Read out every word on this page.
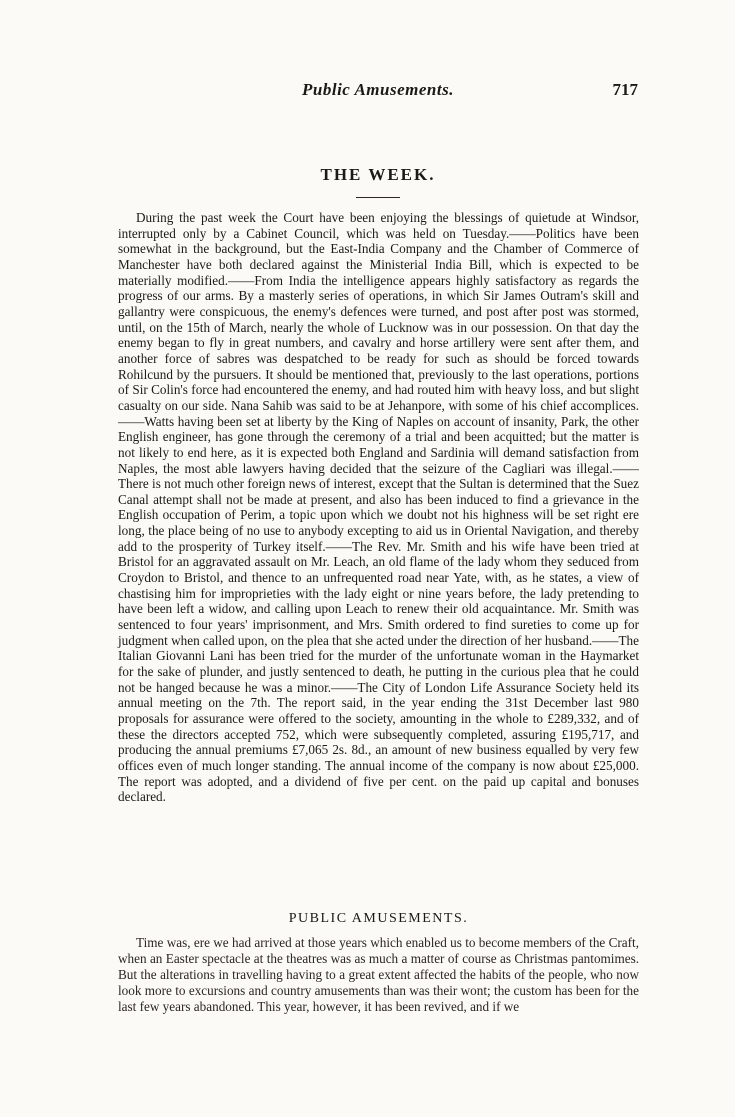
Public Amusements.	717
THE WEEK.

During the past week the Court have been enjoying the blessings of quietude at Windsor, interrupted only by a Cabinet Council, which was held on Tuesday.——Politics have been somewhat in the background, but the East-India Company and the Chamber of Commerce of Manchester have both declared against the Ministerial India Bill, which is expected to be materially modified.——From India the intelligence appears highly satisfactory as regards the progress of our arms. By a masterly series of operations, in which Sir James Outram's skill and gallantry were conspicuous, the enemy's defences were turned, and post after post was stormed, until, on the 15th of March, nearly the whole of Lucknow was in our possession. On that day the enemy began to fly in great numbers, and cavalry and horse artillery were sent after them, and another force of sabres was despatched to be ready for such as should be forced towards Rohilcund by the pursuers. It should be mentioned that, previously to the last operations, portions of Sir Colin's force had encountered the enemy, and had routed him with heavy loss, and but slight casualty on our side. Nana Sahib was said to be at Jehanpore, with some of his chief accomplices.——Watts having been set at liberty by the King of Naples on account of insanity, Park, the other English engineer, has gone through the ceremony of a trial and been acquitted; but the matter is not likely to end here, as it is expected both England and Sardinia will demand satisfaction from Naples, the most able lawyers having decided that the seizure of the Cagliari was illegal.——There is not much other foreign news of interest, except that the Sultan is determined that the Suez Canal attempt shall not be made at present, and also has been induced to find a grievance in the English occupation of Perim, a topic upon which we doubt not his highness will be set right ere long, the place being of no use to anybody excepting to aid us in Oriental Navigation, and thereby add to the prosperity of Turkey itself.——The Rev. Mr. Smith and his wife have been tried at Bristol for an aggravated assault on Mr. Leach, an old flame of the lady whom they seduced from Croydon to Bristol, and thence to an unfrequented road near Yate, with, as he states, a view of chastising him for improprieties with the lady eight or nine years before, the lady pretending to have been left a widow, and calling upon Leach to renew their old acquaintance. Mr. Smith was sentenced to four years' imprisonment, and Mrs. Smith ordered to find sureties to come up for judgment when called upon, on the plea that she acted under the direction of her husband.——The Italian Giovanni Lani has been tried for the murder of the unfortunate woman in the Haymarket for the sake of plunder, and justly sentenced to death, he putting in the curious plea that he could not be hanged because he was a minor.——The City of London Life Assurance Society held its annual meeting on the 7th. The report said, in the year ending the 31st December last 980 proposals for assurance were offered to the society, amounting in the whole to £289,332, and of these the directors accepted 752, which were subsequently completed, assuring £195,717, and producing the annual premiums £7,065 2s. 8d., an amount of new business equalled by very few offices even of much longer standing. The annual income of the company is now about £25,000. The report was adopted, and a dividend of five per cent. on the paid up capital and bonuses declared.

PUBLIC AMUSEMENTS.

Time was, ere we had arrived at those years which enabled us to become members of the Craft, when an Easter spectacle at the theatres was as much a matter of course as Christmas pantomimes. But the alterations in travelling having to a great extent affected the habits of the people, who now look more to excursions and country amusements than was their wont; the custom has been for the last few years abandoned. This year, however, it has been revived, and if we
